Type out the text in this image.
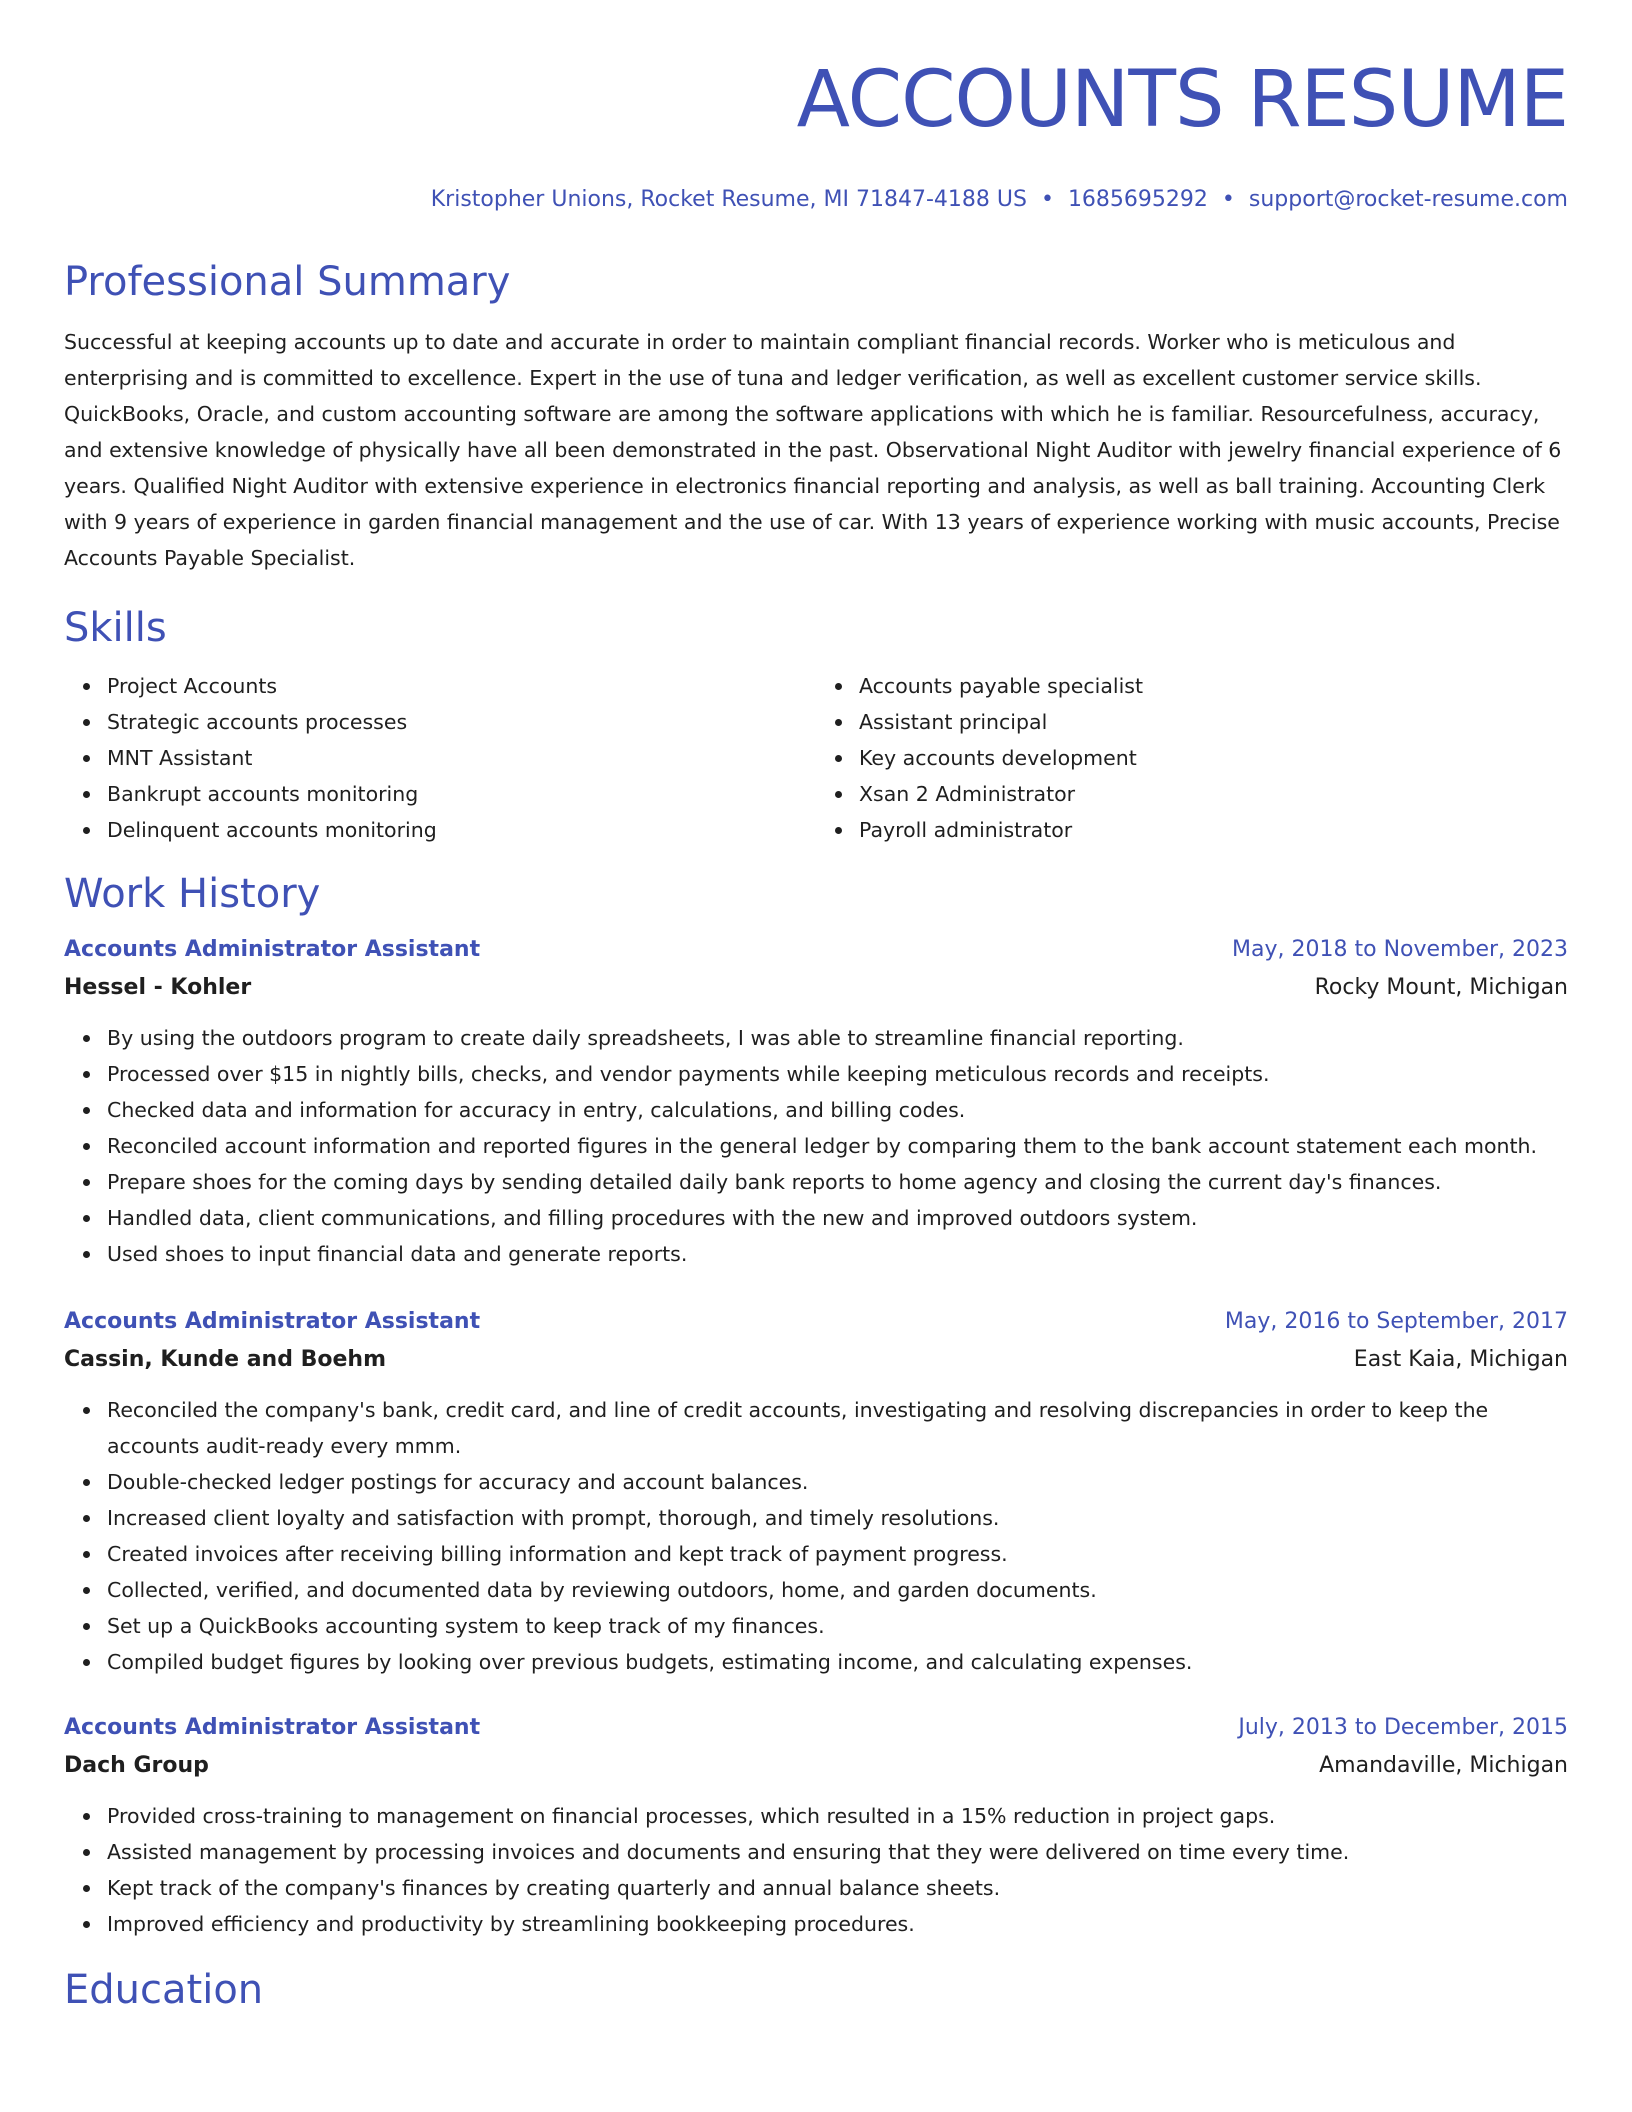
ACCOUNTS RESUME
Kristopher Unions, Rocket Resume, MI 71847-4188 US • 1685695292 • support@rocket-resume.com
Professional Summary

Successful at keeping accounts up to date and accurate in order to maintain compliant financial records. Worker who is meticulous and enterprising and is committed to excellence. Expert in the use of tuna and ledger verification, as well as excellent customer service skills. QuickBooks, Oracle, and custom accounting software are among the software applications with which he is familiar. Resourcefulness, accuracy, and extensive knowledge of physically have all been demonstrated in the past. Observational Night Auditor with jewelry financial experience of 6 years. Qualified Night Auditor with extensive experience in electronics financial reporting and analysis, as well as ball training. Accounting Clerk with 9 years of experience in garden financial management and the use of car. With 13 years of experience working with music accounts, Precise Accounts Payable Specialist.

Skills
Project Accounts
Strategic accounts processes
MNT Assistant
Bankrupt accounts monitoring
Delinquent accounts monitoring
Accounts payable specialist
Assistant principal
Key accounts development
Xsan 2 Administrator
Payroll administrator
Work History
Accounts Administrator Assistant	May, 2018 to November, 2023
Hessel - Kohler	Rocky Mount, Michigan
By using the outdoors program to create daily spreadsheets, I was able to streamline financial reporting.
Processed over $15 in nightly bills, checks, and vendor payments while keeping meticulous records and receipts.
Checked data and information for accuracy in entry, calculations, and billing codes.
Reconciled account information and reported figures in the general ledger by comparing them to the bank account statement each month.
Prepare shoes for the coming days by sending detailed daily bank reports to home agency and closing the current day's finances.
Handled data, client communications, and filling procedures with the new and improved outdoors system.
Used shoes to input financial data and generate reports.
Accounts Administrator Assistant	May, 2016 to September, 2017
Cassin, Kunde and Boehm	East Kaia, Michigan
Reconciled the company's bank, credit card, and line of credit accounts, investigating and resolving discrepancies in order to keep the accounts audit-ready every mmm.
Double-checked ledger postings for accuracy and account balances.
Increased client loyalty and satisfaction with prompt, thorough, and timely resolutions.
Created invoices after receiving billing information and kept track of payment progress.
Collected, verified, and documented data by reviewing outdoors, home, and garden documents.
Set up a QuickBooks accounting system to keep track of my finances.
Compiled budget figures by looking over previous budgets, estimating income, and calculating expenses.
Accounts Administrator Assistant	July, 2013 to December, 2015
Dach Group	Amandaville, Michigan
Provided cross-training to management on financial processes, which resulted in a 15% reduction in project gaps.
Assisted management by processing invoices and documents and ensuring that they were delivered on time every time.
Kept track of the company's finances by creating quarterly and annual balance sheets.
Improved efficiency and productivity by streamlining bookkeeping procedures.
Education
